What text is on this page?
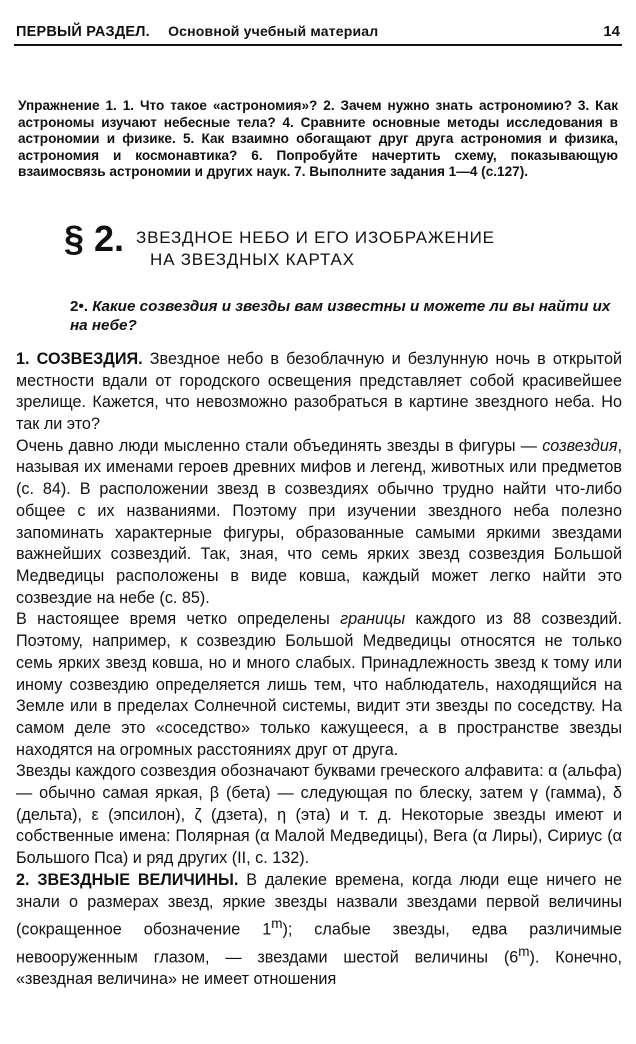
ПЕРВЫЙ РАЗДЕЛ. Основной учебный материал	14
Упражнение 1. 1. Что такое «астрономия»? 2. Зачем нужно знать астрономию? 3. Как астрономы изучают небесные тела? 4. Сравните основные методы исследования в астрономии и физике. 5. Как взаимно обогащают друг друга астрономия и физика, астрономия и космонавтика? 6. Попробуйте начертить схему, показывающую взаимосвязь астрономии и других наук. 7. Выполните задания 1—4 (с.127).
§ 2. ЗВЕЗДНОЕ НЕБО И ЕГО ИЗОБРАЖЕНИЕ
НА ЗВЕЗДНЫХ КАРТАХ
2•. Какие созвездия и звезды вам известны и можете ли вы найти их на небе?

1. СОЗВЕЗДИЯ. Звездное небо в безоблачную и безлунную ночь в открытой местности вдали от городского освещения представляет собой красивейшее зрелище. Кажется, что невозможно разобраться в картине звездного неба. Но так ли это?

Очень давно люди мысленно стали объединять звезды в фигуры — созвездия, называя их именами героев древних мифов и легенд, животных или предметов (с. 84). В расположении звезд в созвездиях обычно трудно найти что-либо общее с их названиями. Поэтому при изучении звездного неба полезно запоминать характерные фигуры, образованные самыми яркими звездами важнейших созвездий. Так, зная, что семь ярких звезд созвездия Большой Медведицы расположены в виде ковша, каждый может легко найти это созвездие на небе (с. 85).

В настоящее время четко определены границы каждого из 88 созвездий. Поэтому, например, к созвездию Большой Медведицы относятся не только семь ярких звезд ковша, но и много слабых. Принадлежность звезд к тому или иному созвездию определяется лишь тем, что наблюдатель, находящийся на Земле или в пределах Солнечной системы, видит эти звезды по соседству. На самом деле это «соседство» только кажущееся, а в пространстве звезды находятся на огромных расстояниях друг от друга.

Звезды каждого созвездия обозначают буквами греческого алфавита: α (альфа) — обычно самая яркая, β (бета) — следующая по блеску, затем γ (гамма), δ (дельта), ε (эпсилон), ζ (дзета), η (эта) и т. д. Некоторые звезды имеют и собственные имена: Полярная (α Малой Медведицы), Вега (α Лиры), Сириус (α Большого Пса) и ряд других (II, с. 132).

2. ЗВЕЗДНЫЕ ВЕЛИЧИНЫ. В далекие времена, когда люди еще ничего не знали о размерах звезд, яркие звезды назвали звездами первой величины (сокращенное обозначение 1$^m$); слабые звезды, едва различимые невооруженным глазом, — звездами шестой величины (6$^m$). Конечно, «звездная величина» не имеет отношения
